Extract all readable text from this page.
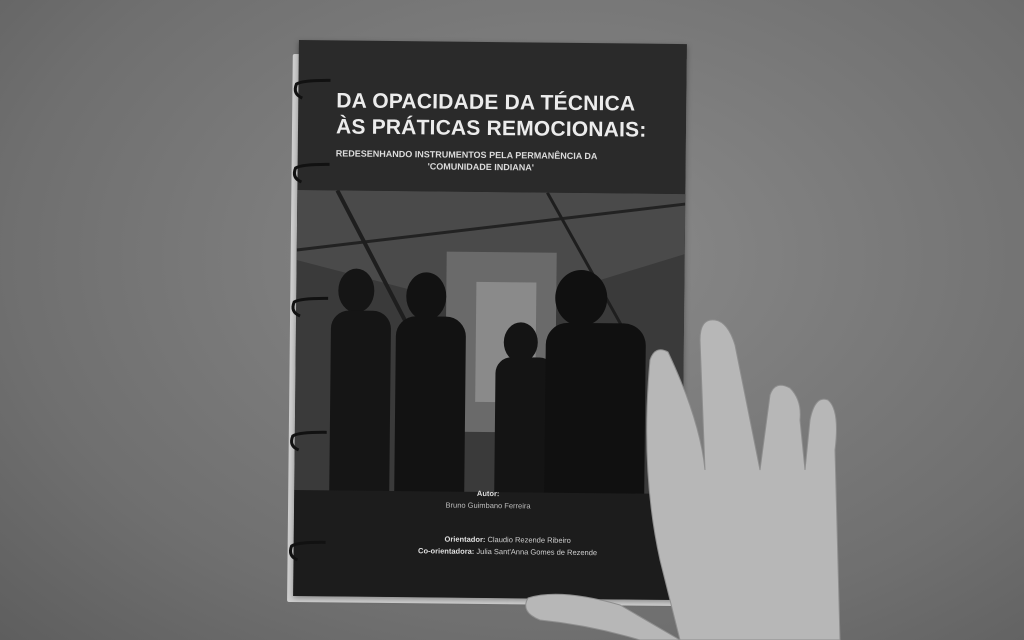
DA OPACIDADE DA TÉCNICA
ÀS PRÁTICAS REMOCIONAIS:
REDESENHANDO INSTRUMENTOS PELA PERMANÊNCIA DA
'COMUNIDADE INDIANA'
Autor:
Bruno Guimbano Ferreira
Orientador: Claudio Rezende Ribeiro
Co-orientadora: Julia Sant'Anna Gomes de Rezende
